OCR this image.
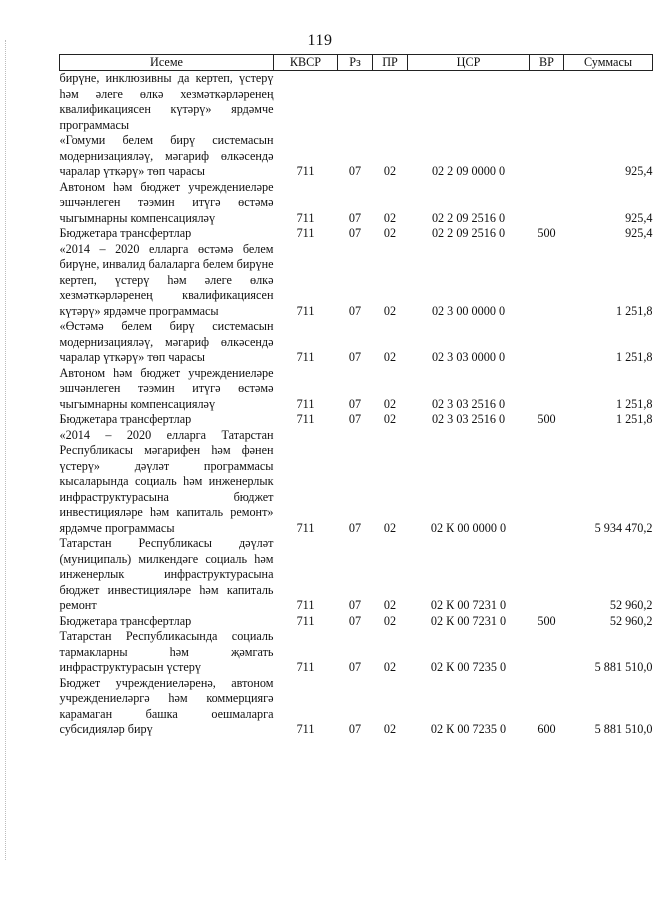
119
Исеме	КВСР	Рз	ПР	ЦСР	ВР	Суммасы
бирүне, инклюзивны да кертеп, үстерү һәм әлеге өлкә хезмәткәрләренең квалификациясен күтәрү» ярдәмче программасы						
«Гомуми белем бирү системасын модернизацияләү, мәгариф өлкәсендә чаралар үткәрү» төп чарасы	711	07	02	02 2 09 0000 0		925,4
Автоном һәм бюджет учреждениеләре эшчәнлеген тәэмин итүгә өстәмә чыгымнарны компенсацияләү	711	07	02	02 2 09 2516 0		925,4
Бюджетара трансфертлар	711	07	02	02 2 09 2516 0	500	925,4
«2014 – 2020 елларга өстәмә белем бирүне, инвалид балаларга белем бирүне кертеп, үстерү һәм әлеге өлкә хезмәткәрләренең квалификациясен күтәрү» ярдәмче программасы	711	07	02	02 3 00 0000 0		1 251,8
«Өстәмә белем бирү системасын модернизацияләү, мәгариф өлкәсендә чаралар үткәрү» төп чарасы	711	07	02	02 3 03 0000 0		1 251,8
Автоном һәм бюджет учреждениеләре эшчәнлеген тәэмин итүгә өстәмә чыгымнарны компенсацияләү	711	07	02	02 3 03 2516 0		1 251,8
Бюджетара трансфертлар	711	07	02	02 3 03 2516 0	500	1 251,8
«2014 – 2020 елларга Татарстан Республикасы мәгарифен һәм фәнен үстерү» дәүләт программасы кысаларында социаль һәм инженерлык инфраструктурасына бюджет инвестицияләре һәм капиталь ремонт» ярдәмче программасы	711	07	02	02 К 00 0000 0		5 934 470,2
Татарстан Республикасы дәүләт (муниципаль) милкендәге социаль һәм инженерлык инфраструктурасына бюджет инвестицияләре һәм капиталь ремонт	711	07	02	02 К 00 7231 0		52 960,2
Бюджетара трансфертлар	711	07	02	02 К 00 7231 0	500	52 960,2
Татарстан Республикасында социаль тармакларны һәм җәмгать инфраструктурасын үстерү	711	07	02	02 К 00 7235 0		5 881 510,0
Бюджет учреждениеләренә, автоном учреждениеләргә һәм коммерциягә карамаган башка оешмаларга субсидияләр бирү	711	07	02	02 К 00 7235 0	600	5 881 510,0
